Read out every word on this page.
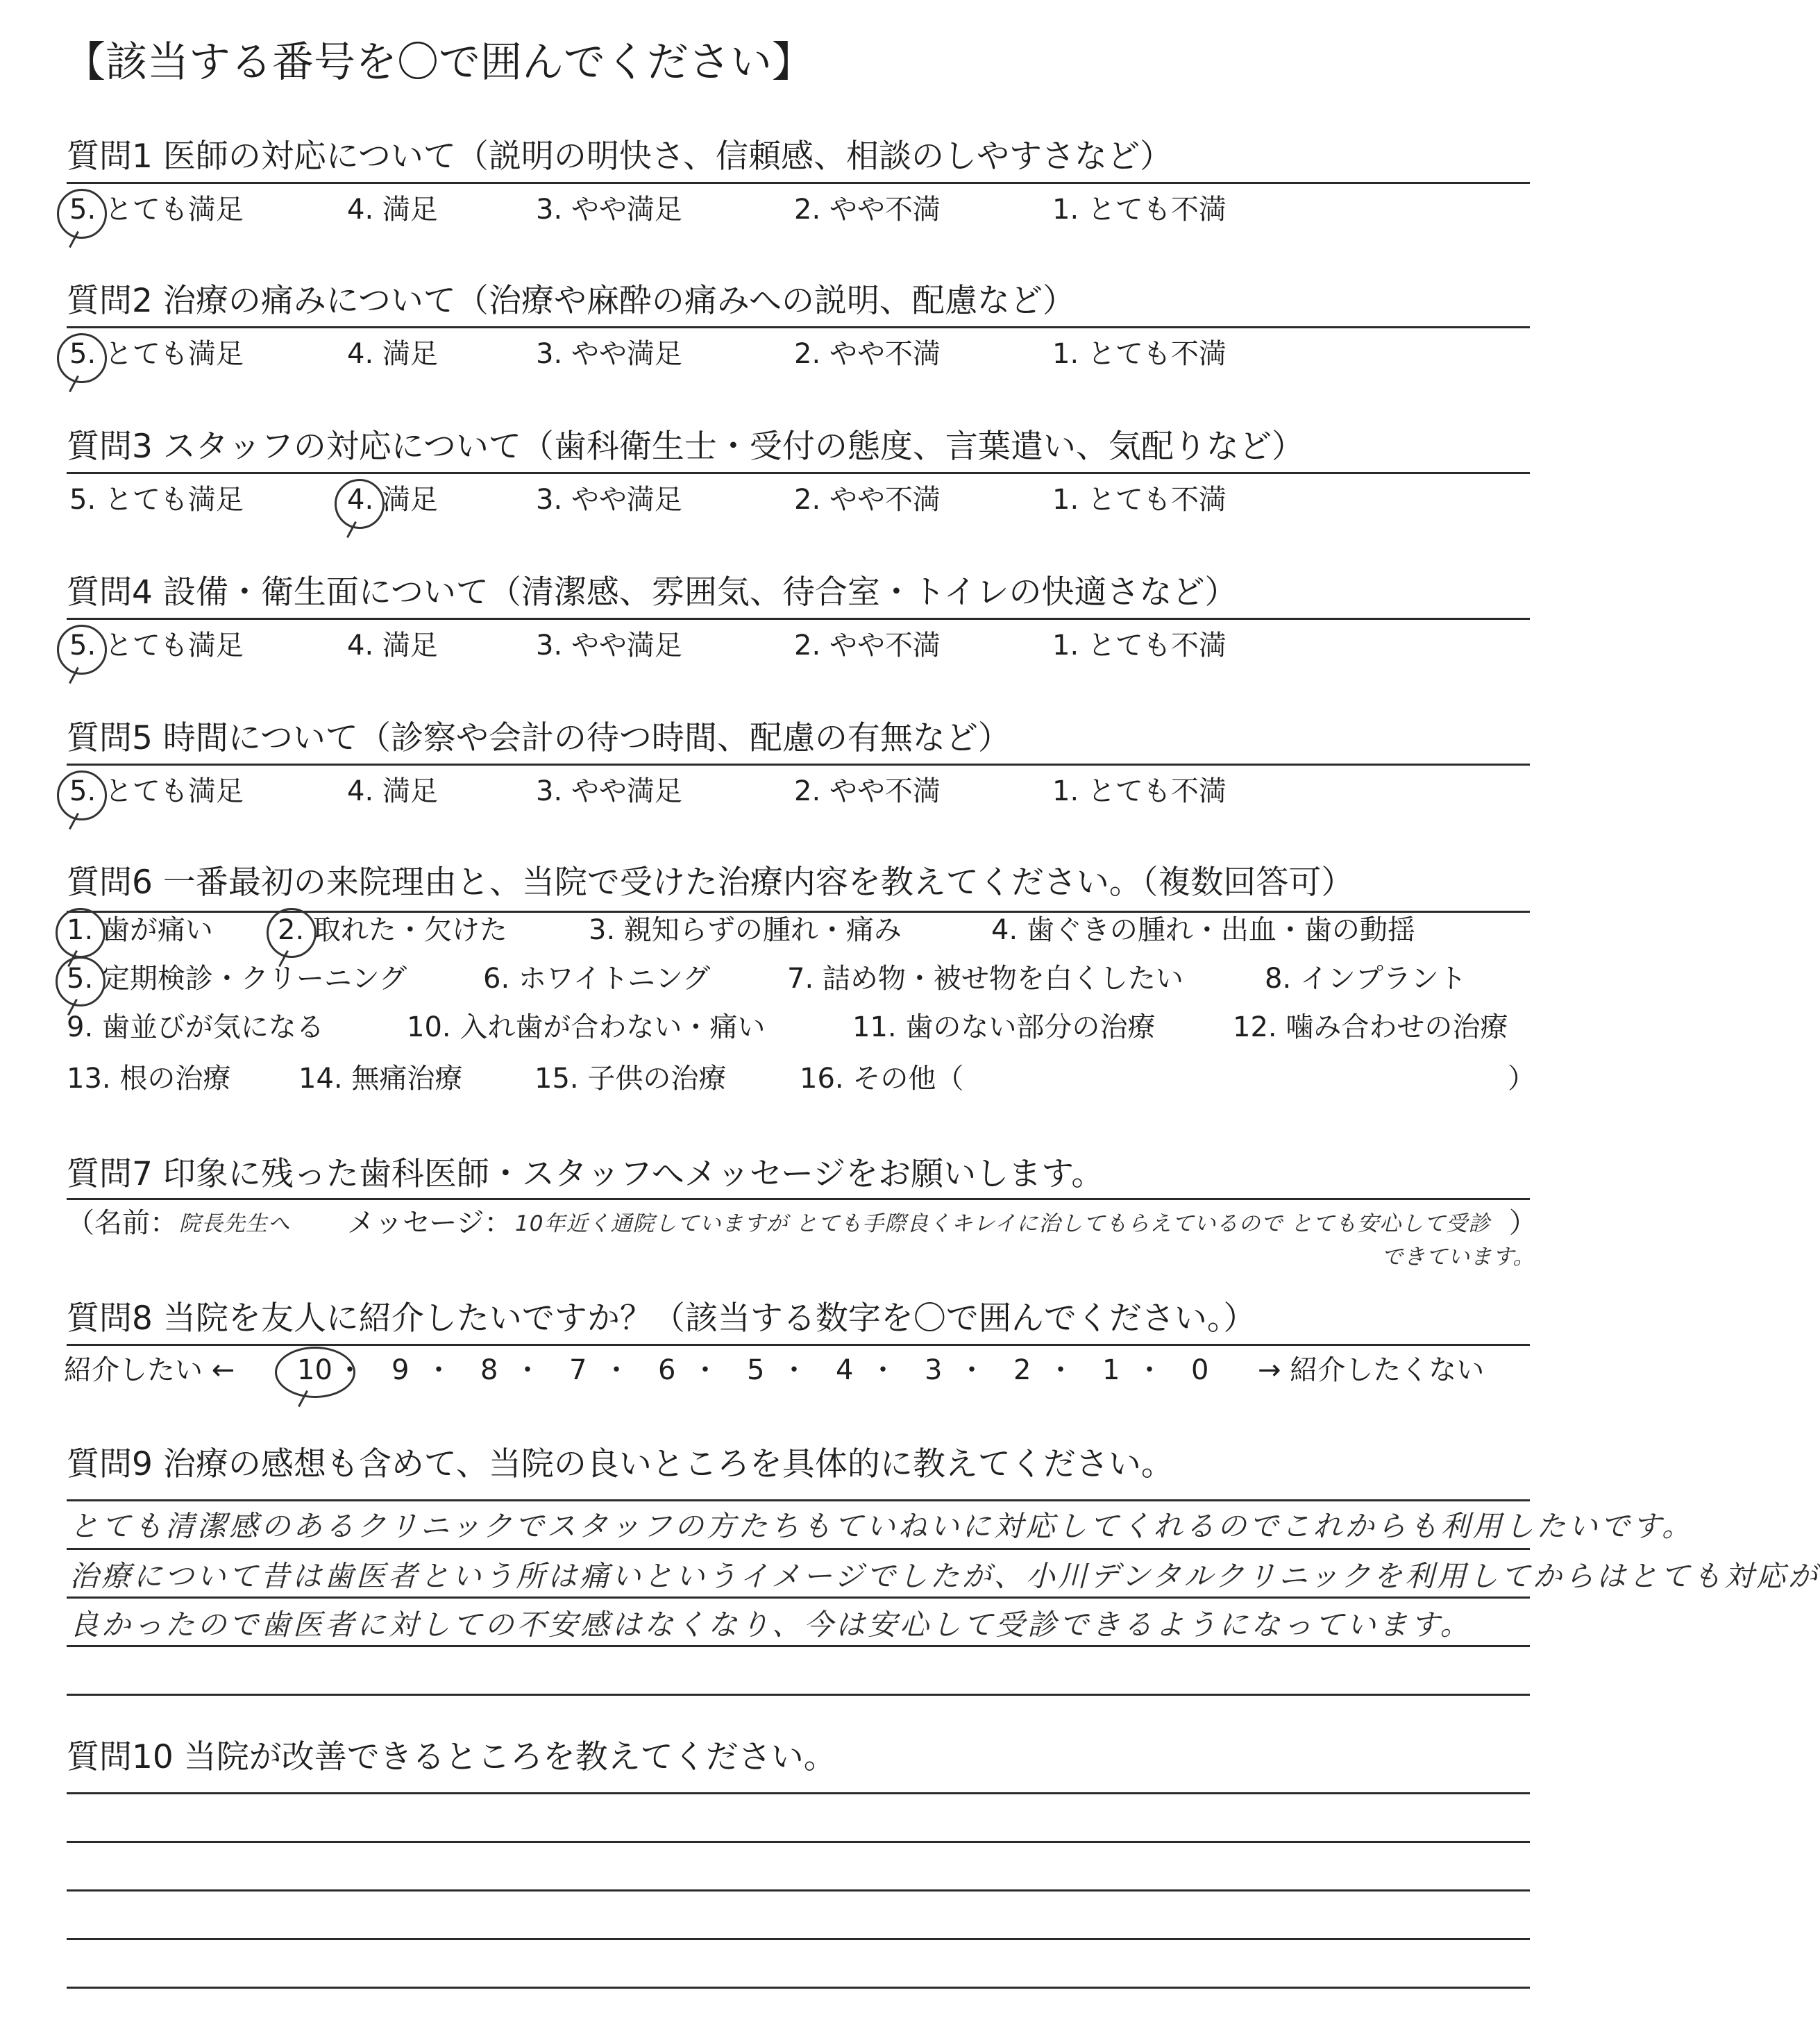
【該当する番号を〇で囲んでください】
質問1 医師の対応について（説明の明快さ、信頼感、相談のしやすさなど）
質問2 治療の痛みについて（治療や麻酔の痛みへの説明、配慮など）
質問3 スタッフの対応について（歯科衛生士・受付の態度、言葉遣い、気配りなど）
質問4 設備・衛生面について（清潔感、雰囲気、待合室・トイレの快適さなど）
質問5 時間について（診察や会計の待つ時間、配慮の有無など）
質問6 一番最初の来院理由と、当院で受けた治療内容を教えてください。（複数回答可）
1. 歯が痛い 2. 取れた・欠けた	3. 親知らずの腫れ・痛み	4. 歯ぐきの腫れ・出血・歯の動揺
5. 定期検診・クリーニング	6. ホワイトニング	7. 詰め物・被せ物を白くしたい	8. インプラント
9. 歯並びが気になる	10. 入れ歯が合わない・痛い	11. 歯のない部分の治療	12. 噛み合わせの治療
13. 根の治療 14. 無痛治療	15. 子供の治療	16. その他（	）
質問7 印象に残った歯科医師・スタッフへメッセージをお願いします。
（名前： 院長先生へ メッセージ： 10年近く通院していますが とても手際良くキレイに治してもらえているので とても安心して受診 ）
できています。
質問8 当院を友人に紹介したいですか？（該当する数字を〇で囲んでください。）
紹介したい ← 10 ・ 9 ・ 8 ・ 7 ・ 6 ・ 5 ・ 4 ・ 3 ・ 2 ・ 1 ・ 0 → 紹介したくない
質問9 治療の感想も含めて、当院の良いところを具体的に教えてください。
とても清潔感のあるクリニックでスタッフの方たちもていねいに対応してくれるのでこれからも利用したいです。
治療について昔は歯医者という所は痛いというイメージでしたが、小川デンタルクリニックを利用してからはとても対応が
良かったので歯医者に対しての不安感はなくなり、今は安心して受診できるようになっています。
質問10 当院が改善できるところを教えてください。
5. とても満足	4. 満足	3. やや満足	2. やや不満	1. とても不満
5. とても満足	4. 満足	3. やや満足	2. やや不満	1. とても不満
5. とても満足	4. 満足	3. やや満足	2. やや不満	1. とても不満
5. とても満足	4. 満足	3. やや満足	2. やや不満	1. とても不満
5. とても満足	4. 満足	3. やや満足	2. やや不満	1. とても不満
